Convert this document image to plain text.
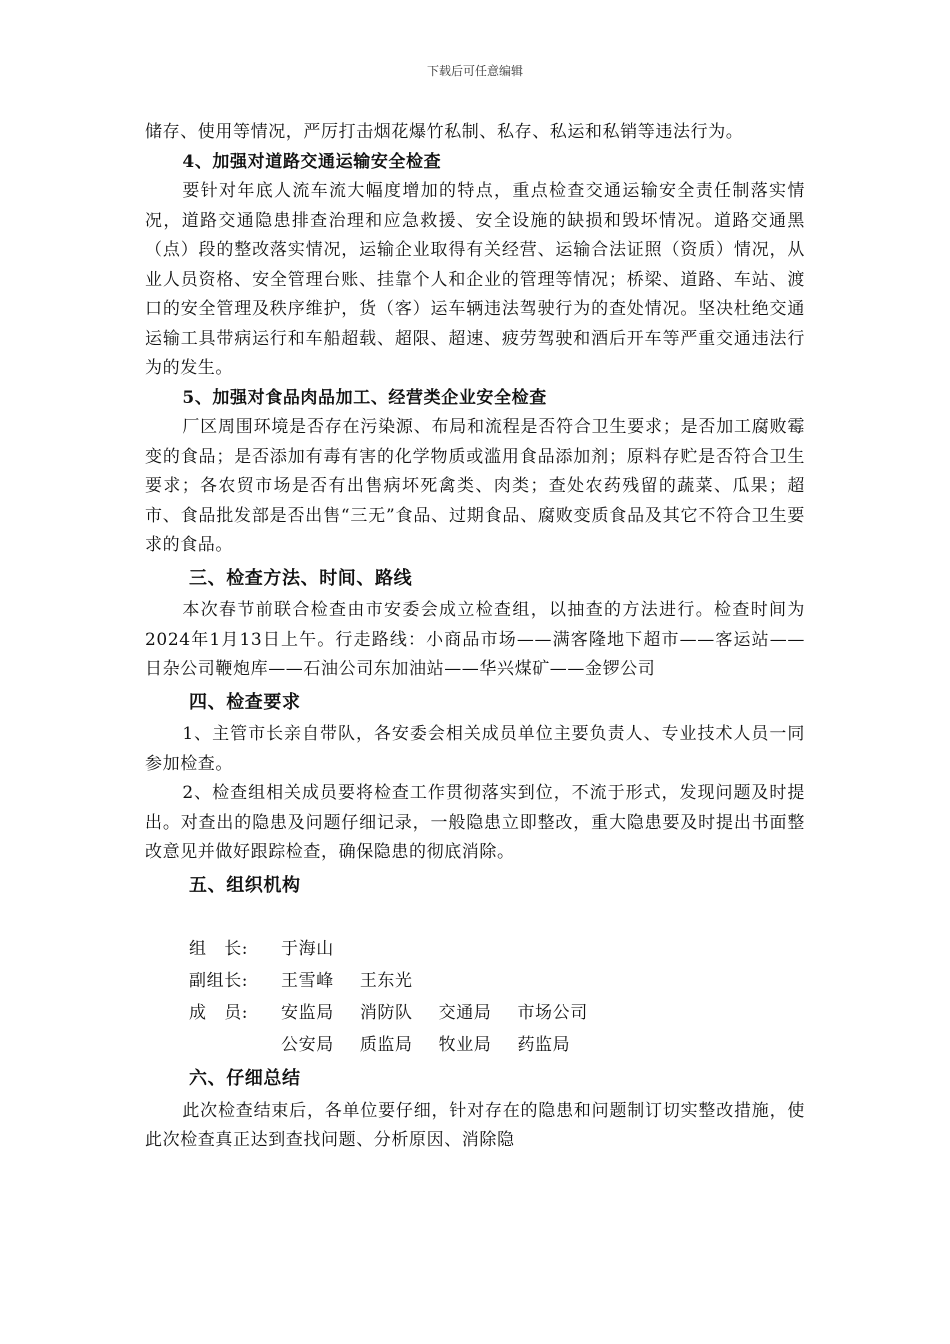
下载后可任意编辑

储存、使用等情况，严厉打击烟花爆竹私制、私存、私运和私销等违法行为。

4、加强对道路交通运输安全检查

要针对年底人流车流大幅度增加的特点，重点检查交通运输安全责任制落实情况，道路交通隐患排查治理和应急救援、安全设施的缺损和毁坏情况。道路交通黑（点）段的整改落实情况，运输企业取得有关经营、运输合法证照（资质）情况，从业人员资格、安全管理台账、挂靠个人和企业的管理等情况；桥梁、道路、车站、渡口的安全管理及秩序维护，货（客）运车辆违法驾驶行为的查处情况。坚决杜绝交通运输工具带病运行和车船超载、超限、超速、疲劳驾驶和酒后开车等严重交通违法行为的发生。

5、加强对食品肉品加工、经营类企业安全检查

厂区周围环境是否存在污染源、布局和流程是否符合卫生要求；是否加工腐败霉变的食品；是否添加有毒有害的化学物质或滥用食品添加剂；原料存贮是否符合卫生要求；各农贸市场是否有出售病坏死禽类、肉类；查处农药残留的蔬菜、瓜果；超市、食品批发部是否出售“三无”食品、过期食品、腐败变质食品及其它不符合卫生要求的食品。

三、检查方法、时间、路线

本次春节前联合检查由市安委会成立检查组，以抽查的方法进行。检查时间为2024年1月13日上午。行走路线：小商品市场——满客隆地下超市——客运站——日杂公司鞭炮库——石油公司东加油站——华兴煤矿——金锣公司

四、检查要求

1、主管市长亲自带队，各安委会相关成员单位主要负责人、专业技术人员一同参加检查。

2、检查组相关成员要将检查工作贯彻落实到位，不流于形式，发现问题及时提出。对查出的隐患及问题仔细记录，一般隐患立即整改，重大隐患要及时提出书面整改意见并做好跟踪检查，确保隐患的彻底消除。

五、组织机构

组　长:	于海山
副组长:	王雪峰 王东光
成　员:	安监局 消防队 交通局 市场公司
公安局 质监局 牧业局 药监局

六、仔细总结

此次检查结束后，各单位要仔细，针对存在的隐患和问题制订切实整改措施，使此次检查真正达到查找问题、分析原因、消除隐
